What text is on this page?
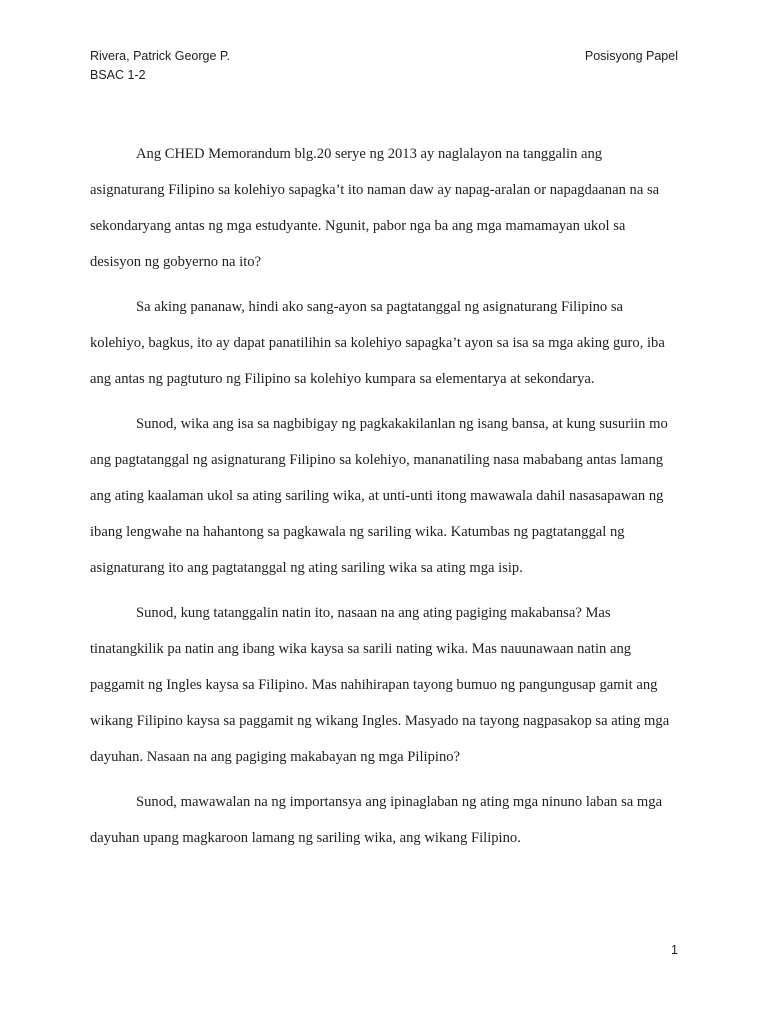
Rivera, Patrick George P.
BSAC 1-2
Posisyong Papel

Ang CHED Memorandum blg.20 serye ng 2013 ay naglalayon na tanggalin ang asignaturang Filipino sa kolehiyo sapagka’t ito naman daw ay napag-aralan or napagdaanan na sa sekondaryang antas ng mga estudyante. Ngunit, pabor nga ba ang mga mamamayan ukol sa desisyon ng gobyerno na ito?

Sa aking pananaw, hindi ako sang-ayon sa pagtatanggal ng asignaturang Filipino sa kolehiyo, bagkus, ito ay dapat panatilihin sa kolehiyo sapagka’t ayon sa isa sa mga aking guro, iba ang antas ng pagtuturo ng Filipino sa kolehiyo kumpara sa elementarya at sekondarya.

Sunod, wika ang isa sa nagbibigay ng pagkakakilanlan ng isang bansa, at kung susuriin mo ang pagtatanggal ng asignaturang Filipino sa kolehiyo, mananatiling nasa mababang antas lamang ang ating kaalaman ukol sa ating sariling wika, at unti-unti itong mawawala dahil nasasapawan ng ibang lengwahe na hahantong sa pagkawala ng sariling wika. Katumbas ng pagtatanggal ng asignaturang ito ang pagtatanggal ng ating sariling wika sa ating mga isip.

Sunod, kung tatanggalin natin ito, nasaan na ang ating pagiging makabansa? Mas tinatangkilik pa natin ang ibang wika kaysa sa sarili nating wika. Mas nauunawaan natin ang paggamit ng Ingles kaysa sa Filipino. Mas nahihirapan tayong bumuo ng pangungusap gamit ang wikang Filipino kaysa sa paggamit ng wikang Ingles. Masyado na tayong nagpasakop sa ating mga dayuhan. Nasaan na ang pagiging makabayan ng mga Pilipino?

Sunod, mawawalan na ng importansya ang ipinaglaban ng ating mga ninuno laban sa mga dayuhan upang magkaroon lamang ng sariling wika, ang wikang Filipino.

1
